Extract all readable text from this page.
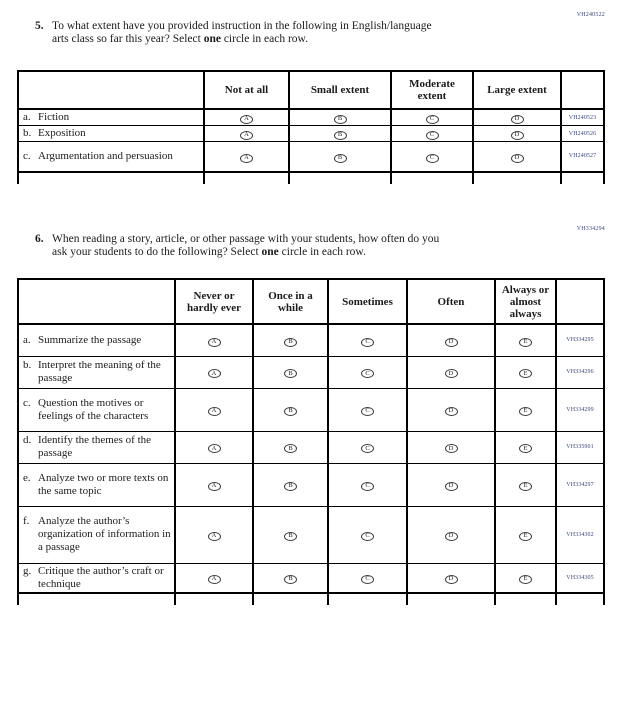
VH240522
5. To what extent have you provided instruction in the following in English/language
arts class so far this year? Select one circle in each row.
	Not at all	Small extent	Moderate extent	Large extent	

a. Fiction	A	B	C	D	VH240523

b. Exposition	A	B	C	D	VH240526

c. Argumentation and persuasion	A	B	C	D	VH240527

VH334294
6. When reading a story, article, or other passage with your students, how often do you
ask your students to do the following? Select one circle in each row.
	Never or hardly ever	Once in a while	Sometimes	Often	Always or almost always	

a. Summarize the passage	A	B	C	D	E	VH334295

b. Interpret the meaning of the passage	A	B	C	D	E	VH334296

c. Question the motives or feelings of the characters	A	B	C	D	E	VH334299

d. Identify the themes of the passage	A	B	C	D	E	VH335901

e. Analyze two or more texts on the same topic	A	B	C	D	E	VH334297

f. Analyze the author’s organization of information in a passage	A	B	C	D	E	VH334302

g. Critique the author’s craft or technique	A	B	C	D	E	VH334305
